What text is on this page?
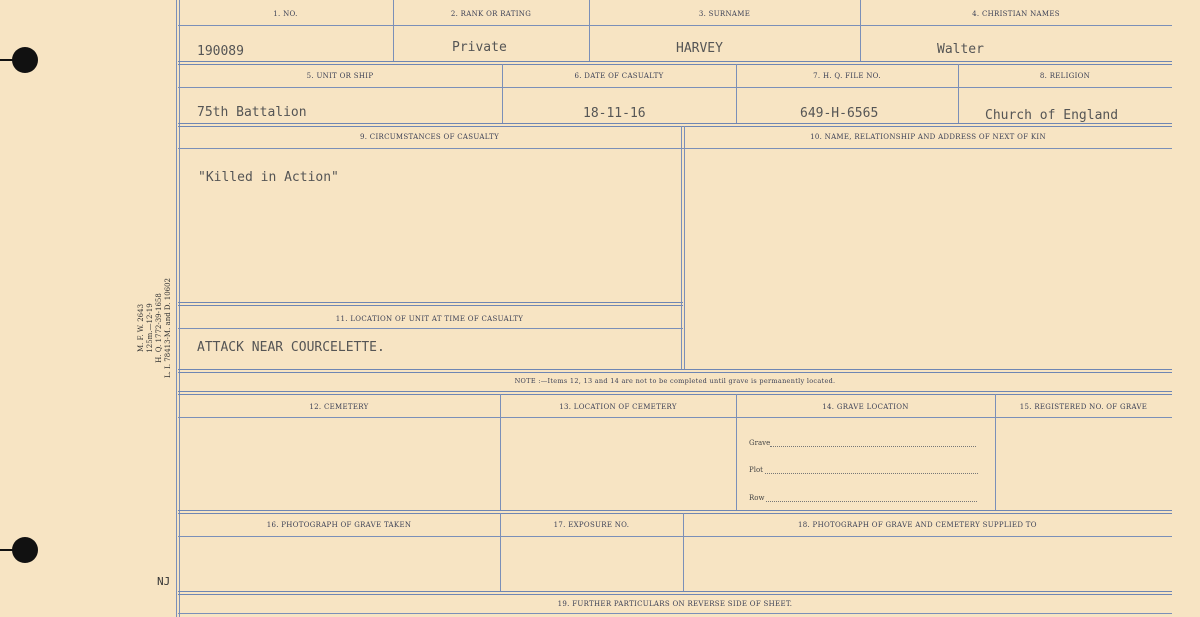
M. F. W. 2643 125m.—12-19 H. Q. 1772-39-1658 L. I. 78413-M. and D. 10602
NJ
1. NO.	2. RANK OR RATING	3. SURNAME	4. CHRISTIAN NAMES
190089	Private	HARVEY	Walter
5. UNIT OR SHIP	6. DATE OF CASUALTY	7. H. Q. FILE NO.	8. RELIGION
75th Battalion	18-11-16	649-H-6565	Church of England
9. CIRCUMSTANCES OF CASUALTY	10. NAME, RELATIONSHIP AND ADDRESS OF NEXT OF KIN
"Killed in Action"
11. LOCATION OF UNIT AT TIME OF CASUALTY
ATTACK NEAR COURCELETTE.
NOTE :—Items 12, 13 and 14 are not to be completed until grave is permanently located.
12. CEMETERY	13. LOCATION OF CEMETERY	14. GRAVE LOCATION	15. REGISTERED NO. OF GRAVE
Grave
Plot
Row
16. PHOTOGRAPH OF GRAVE TAKEN	17. EXPOSURE NO.	18. PHOTOGRAPH OF GRAVE AND CEMETERY SUPPLIED TO
19. FURTHER PARTICULARS ON REVERSE SIDE OF SHEET.
